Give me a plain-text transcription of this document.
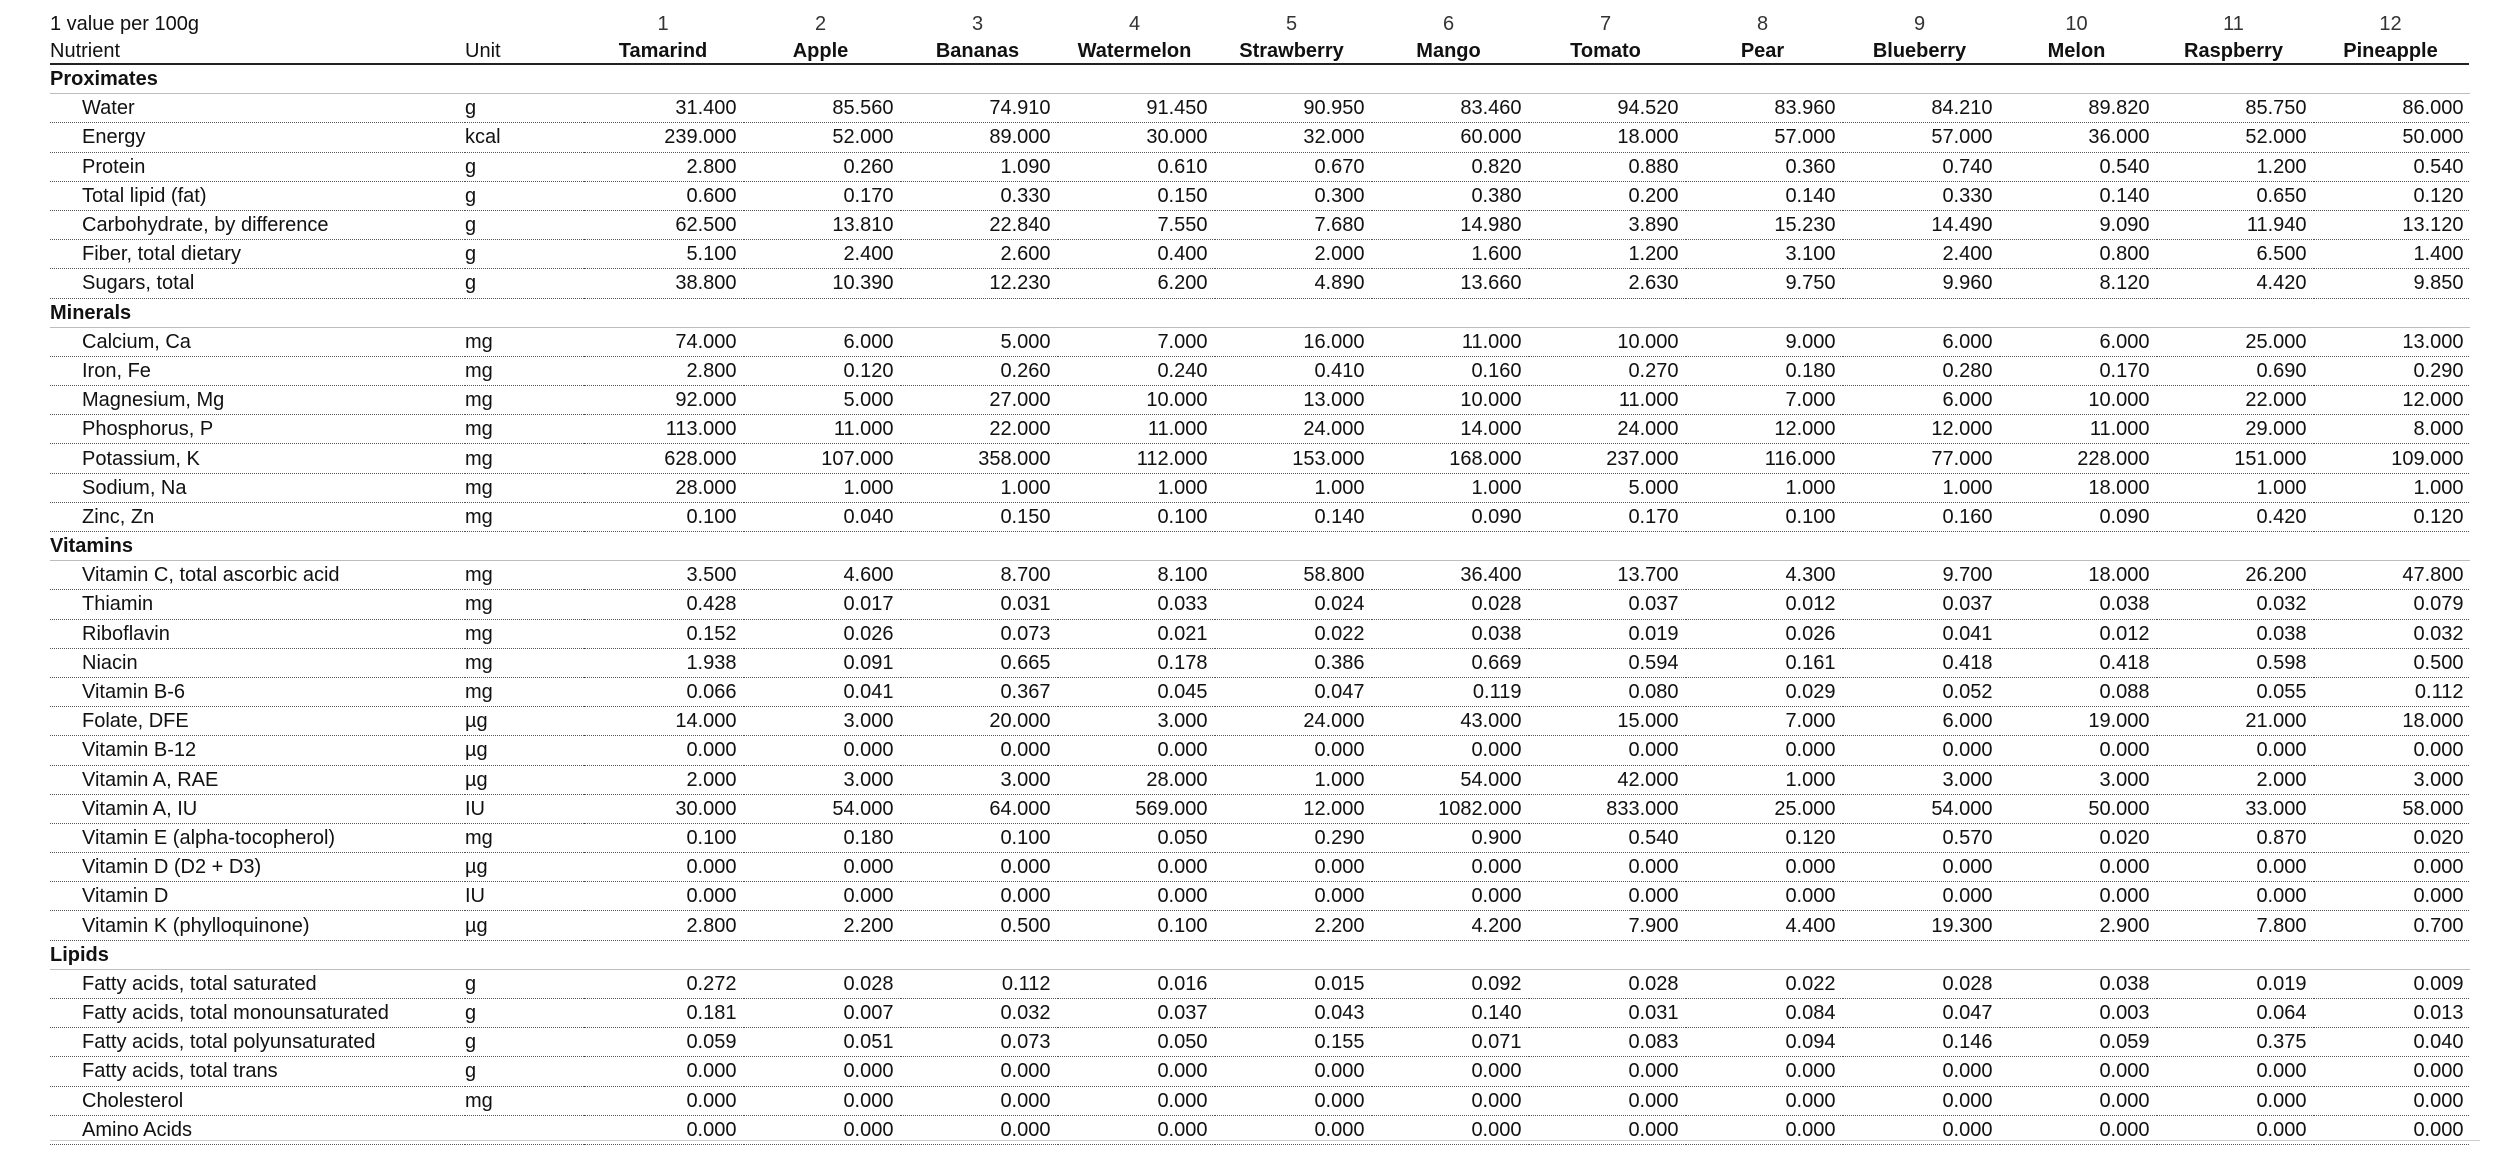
1 value per 100g		1	2	3	4	5	6	7	8	9	10	11	12
Nutrient	Unit	Tamarind	Apple	Bananas	Watermelon	Strawberry	Mango	Tomato	Pear	Blueberry	Melon	Raspberry	Pineapple
Proximates													
Water	g	31.400	85.560	74.910	91.450	90.950	83.460	94.520	83.960	84.210	89.820	85.750	86.000
Energy	kcal	239.000	52.000	89.000	30.000	32.000	60.000	18.000	57.000	57.000	36.000	52.000	50.000
Protein	g	2.800	0.260	1.090	0.610	0.670	0.820	0.880	0.360	0.740	0.540	1.200	0.540
Total lipid (fat)	g	0.600	0.170	0.330	0.150	0.300	0.380	0.200	0.140	0.330	0.140	0.650	0.120
Carbohydrate, by difference	g	62.500	13.810	22.840	7.550	7.680	14.980	3.890	15.230	14.490	9.090	11.940	13.120
Fiber, total dietary	g	5.100	2.400	2.600	0.400	2.000	1.600	1.200	3.100	2.400	0.800	6.500	1.400
Sugars, total	g	38.800	10.390	12.230	6.200	4.890	13.660	2.630	9.750	9.960	8.120	4.420	9.850
Minerals													
Calcium, Ca	mg	74.000	6.000	5.000	7.000	16.000	11.000	10.000	9.000	6.000	6.000	25.000	13.000
Iron, Fe	mg	2.800	0.120	0.260	0.240	0.410	0.160	0.270	0.180	0.280	0.170	0.690	0.290
Magnesium, Mg	mg	92.000	5.000	27.000	10.000	13.000	10.000	11.000	7.000	6.000	10.000	22.000	12.000
Phosphorus, P	mg	113.000	11.000	22.000	11.000	24.000	14.000	24.000	12.000	12.000	11.000	29.000	8.000
Potassium, K	mg	628.000	107.000	358.000	112.000	153.000	168.000	237.000	116.000	77.000	228.000	151.000	109.000
Sodium, Na	mg	28.000	1.000	1.000	1.000	1.000	1.000	5.000	1.000	1.000	18.000	1.000	1.000
Zinc, Zn	mg	0.100	0.040	0.150	0.100	0.140	0.090	0.170	0.100	0.160	0.090	0.420	0.120
Vitamins													
Vitamin C, total ascorbic acid	mg	3.500	4.600	8.700	8.100	58.800	36.400	13.700	4.300	9.700	18.000	26.200	47.800
Thiamin	mg	0.428	0.017	0.031	0.033	0.024	0.028	0.037	0.012	0.037	0.038	0.032	0.079
Riboflavin	mg	0.152	0.026	0.073	0.021	0.022	0.038	0.019	0.026	0.041	0.012	0.038	0.032
Niacin	mg	1.938	0.091	0.665	0.178	0.386	0.669	0.594	0.161	0.418	0.418	0.598	0.500
Vitamin B-6	mg	0.066	0.041	0.367	0.045	0.047	0.119	0.080	0.029	0.052	0.088	0.055	0.112
Folate, DFE	µg	14.000	3.000	20.000	3.000	24.000	43.000	15.000	7.000	6.000	19.000	21.000	18.000
Vitamin B-12	µg	0.000	0.000	0.000	0.000	0.000	0.000	0.000	0.000	0.000	0.000	0.000	0.000
Vitamin A, RAE	µg	2.000	3.000	3.000	28.000	1.000	54.000	42.000	1.000	3.000	3.000	2.000	3.000
Vitamin A, IU	IU	30.000	54.000	64.000	569.000	12.000	1082.000	833.000	25.000	54.000	50.000	33.000	58.000
Vitamin E (alpha-tocopherol)	mg	0.100	0.180	0.100	0.050	0.290	0.900	0.540	0.120	0.570	0.020	0.870	0.020
Vitamin D (D2 + D3)	µg	0.000	0.000	0.000	0.000	0.000	0.000	0.000	0.000	0.000	0.000	0.000	0.000
Vitamin D	IU	0.000	0.000	0.000	0.000	0.000	0.000	0.000	0.000	0.000	0.000	0.000	0.000
Vitamin K (phylloquinone)	µg	2.800	2.200	0.500	0.100	2.200	4.200	7.900	4.400	19.300	2.900	7.800	0.700
Lipids													
Fatty acids, total saturated	g	0.272	0.028	0.112	0.016	0.015	0.092	0.028	0.022	0.028	0.038	0.019	0.009
Fatty acids, total monounsaturated	g	0.181	0.007	0.032	0.037	0.043	0.140	0.031	0.084	0.047	0.003	0.064	0.013
Fatty acids, total polyunsaturated	g	0.059	0.051	0.073	0.050	0.155	0.071	0.083	0.094	0.146	0.059	0.375	0.040
Fatty acids, total trans	g	0.000	0.000	0.000	0.000	0.000	0.000	0.000	0.000	0.000	0.000	0.000	0.000
Cholesterol	mg	0.000	0.000	0.000	0.000	0.000	0.000	0.000	0.000	0.000	0.000	0.000	0.000
Amino Acids		0.000	0.000	0.000	0.000	0.000	0.000	0.000	0.000	0.000	0.000	0.000	0.000
